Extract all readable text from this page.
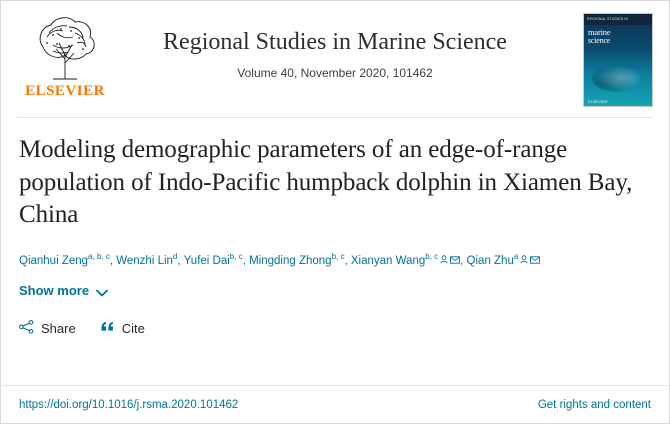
ELSEVIER
Regional Studies in Marine Science
Volume 40, November 2020, 101462
REGIONAL STUDIES IN
marine
science
ELSEVIER
Modeling demographic parameters of an edge-of-range population of Indo-Pacific humpback dolphin in Xiamen Bay, China
Qianhui Zeng$^{a, b, c}$, Wenzhi Lin$^d$, Yufei Dai$^{b, c}$, Mingding Zhong$^{b, c}$, Xianyan Wang$^{b, c}$ , Qian Zhu$^a$
Show more
Share	Cite
https://doi.org/10.1016/j.rsma.2020.101462	Get rights and content
